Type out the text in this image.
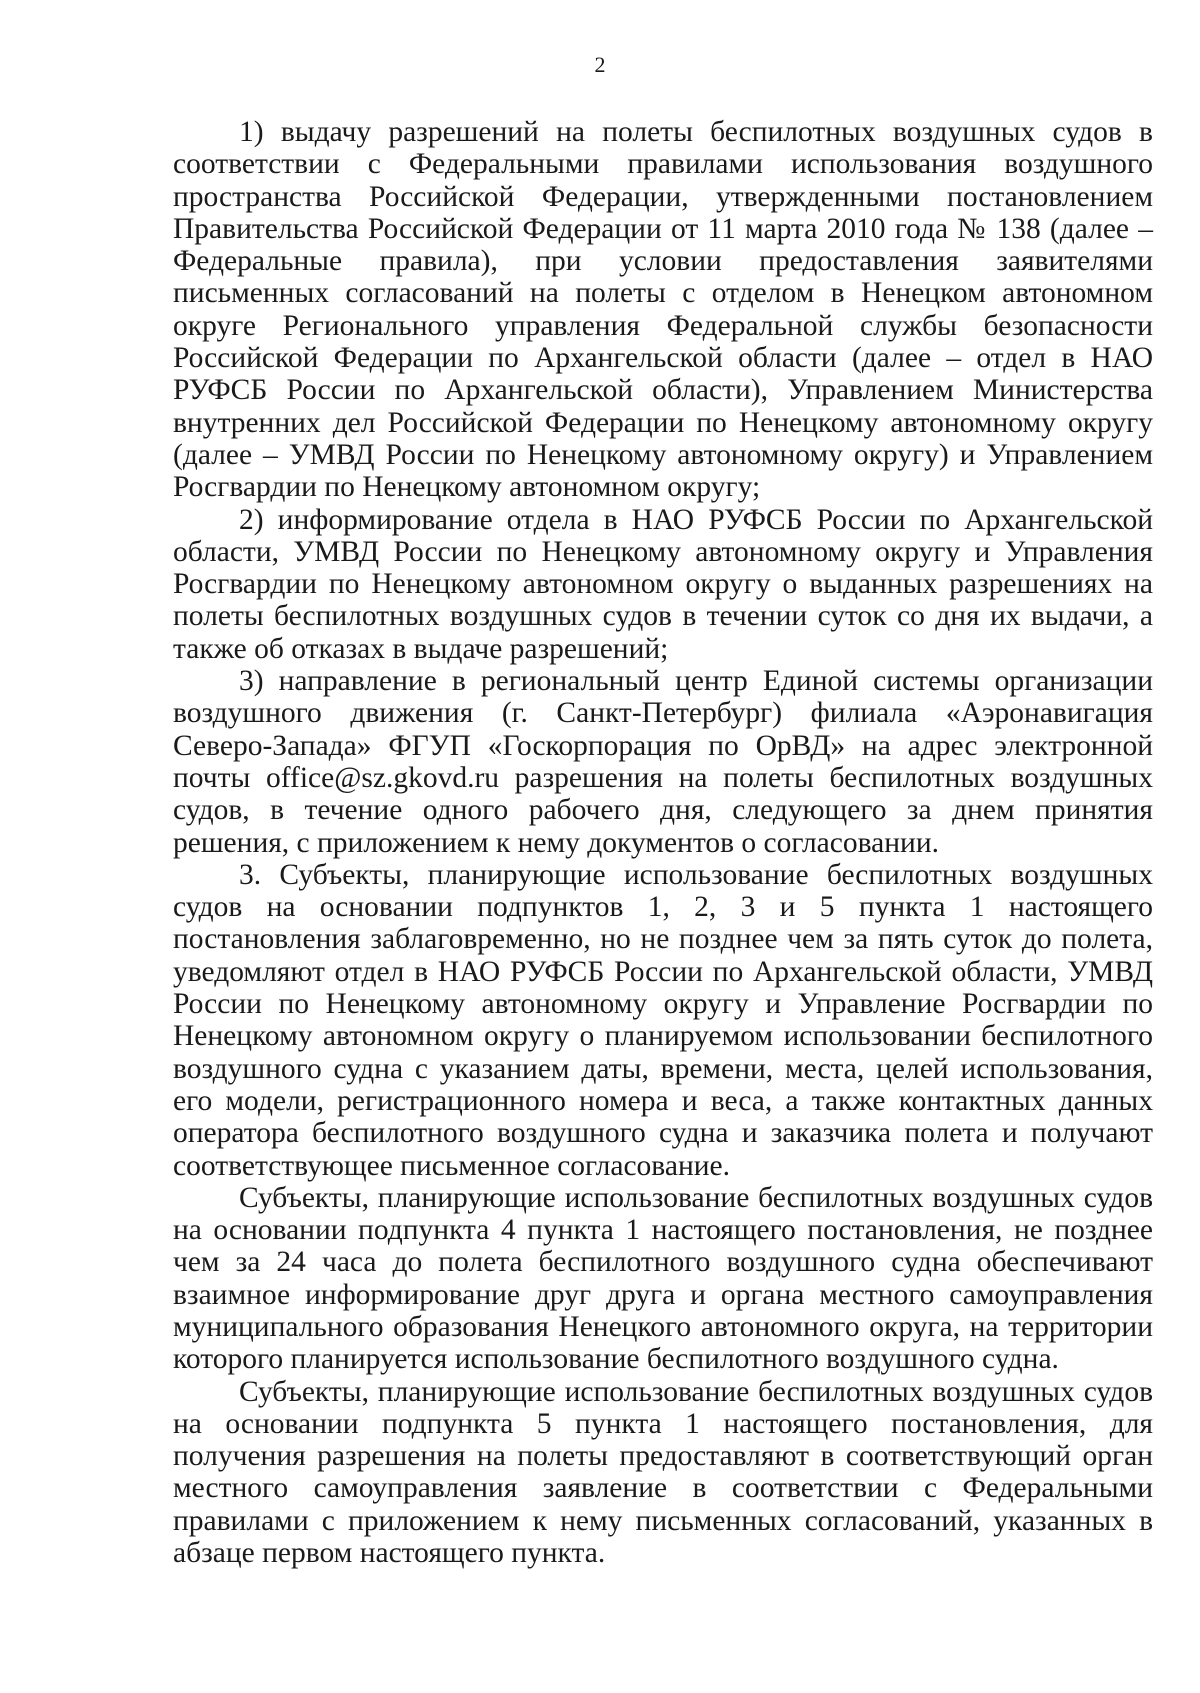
2

1) выдачу разрешений на полеты беспилотных воздушных судов в соответствии с Федеральными правилами использования воздушного пространства Российской Федерации, утвержденными постановлением Правительства Российской Федерации от 11 марта 2010 года № 138 (далее – Федеральные правила), при условии предоставления заявителями письменных согласований на полеты с отделом в Ненецком автономном округе Регионального управления Федеральной службы безопасности Российской Федерации по Архангельской области (далее – отдел в НАО РУФСБ России по Архангельской области), Управлением Министерства внутренних дел Российской Федерации по Ненецкому автономному округу (далее – УМВД России по Ненецкому автономному округу) и Управлением Росгвардии по Ненецкому автономном округу;

2) информирование отдела в НАО РУФСБ России по Архангельской области, УМВД России по Ненецкому автономному округу и Управления Росгвардии по Ненецкому автономном округу о выданных разрешениях на полеты беспилотных воздушных судов в течении суток со дня их выдачи, а также об отказах в выдаче разрешений;

3) направление в региональный центр Единой системы организации воздушного движения (г. Санкт-Петербург) филиала «Аэронавигация Северо-Запада» ФГУП «Госкорпорация по ОрВД» на адрес электронной почты office@sz.gkovd.ru разрешения на полеты беспилотных воздушных судов, в течение одного рабочего дня, следующего за днем принятия решения, с приложением к нему документов о согласовании.

3. Субъекты, планирующие использование беспилотных воздушных судов на основании подпунктов 1, 2, 3 и 5 пункта 1 настоящего постановления заблаговременно, но не позднее чем за пять суток до полета, уведомляют отдел в НАО РУФСБ России по Архангельской области, УМВД России по Ненецкому автономному округу и Управление Росгвардии по Ненецкому автономном округу о планируемом использовании беспилотного воздушного судна с указанием даты, времени, места, целей использования, его модели, регистрационного номера и веса, а также контактных данных оператора беспилотного воздушного судна и заказчика полета и получают соответствующее письменное согласование.

Субъекты, планирующие использование беспилотных воздушных судов на основании подпункта 4 пункта 1 настоящего постановления, не позднее чем за 24 часа до полета беспилотного воздушного судна обеспечивают взаимное информирование друг друга и органа местного самоуправления муниципального образования Ненецкого автономного округа, на территории которого планируется использование беспилотного воздушного судна.

Субъекты, планирующие использование беспилотных воздушных судов на основании подпункта 5 пункта 1 настоящего постановления, для получения разрешения на полеты предоставляют в соответствующий орган местного самоуправления заявление в соответствии с Федеральными правилами с приложением к нему письменных согласований, указанных в абзаце первом настоящего пункта.
